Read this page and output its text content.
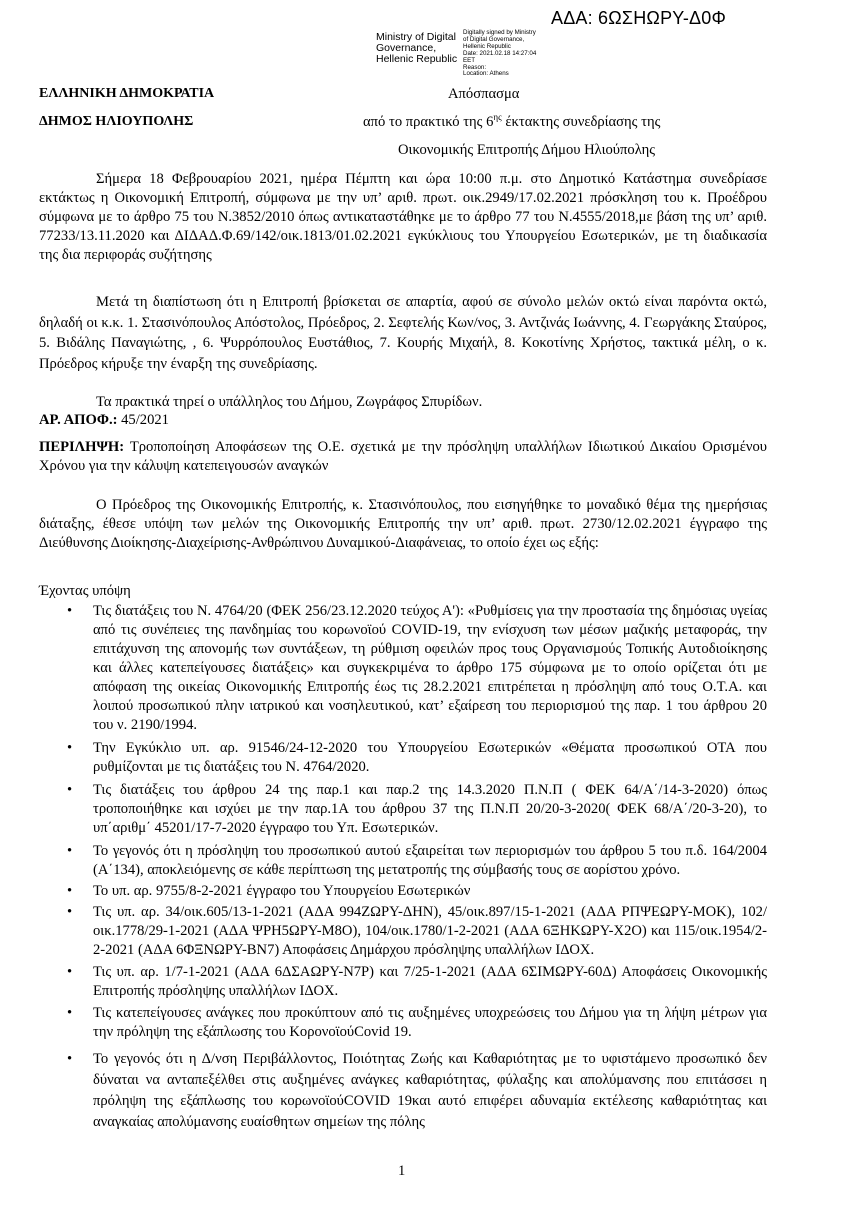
ΑΔΑ: 6ΩΣΗΩΡΥ-Δ0Φ
Ministry of Digital
Governance,
Hellenic Republic
Digitally signed by Ministry
of Digital Governance,
Hellenic Republic
Date: 2021.02.18 14:27:04
EET
Reason:
Location: Athens
ΕΛΛΗΝΙΚΗ ΔΗΜΟΚΡΑΤΙΑ
ΔΗΜΟΣ ΗΛΙΟΥΠΟΛΗΣ
Απόσπασμα
από το πρακτικό της $6^{\eta\varsigma}$ έκτακτης συνεδρίασης της
Οικονομικής Επιτροπής Δήμου Ηλιούπολης

Σήμερα 18 Φεβρουαρίου 2021, ημέρα Πέμπτη και ώρα 10:00 π.μ. στο Δημοτικό Κατάστημα συνεδρίασε εκτάκτως η Οικονομική Επιτροπή, σύμφωνα με την υπ’ αριθ. πρωτ. οικ.2949/17.02.2021 πρόσκληση του κ. Προέδρου σύμφωνα με το άρθρο 75 του Ν.3852/2010 όπως αντικαταστάθηκε με το άρθρο 77 του Ν.4555/2018,με βάση της υπ’ αριθ. 77233/13.11.2020 και ΔΙΔΑΔ.Φ.69/142/οικ.1813/01.02.2021 εγκύκλιους του Υπουργείου Εσωτερικών, με τη διαδικασία της δια περιφοράς συζήτησης

Μετά τη διαπίστωση ότι η Επιτροπή βρίσκεται σε απαρτία, αφού σε σύνολο μελών οκτώ είναι παρόντα οκτώ, δηλαδή οι κ.κ. 1. Στασινόπουλος Απόστολος, Πρόεδρος, 2. Σεφτελής Κων/νος, 3. Αντζινάς Ιωάννης, 4. Γεωργάκης Σταύρος, 5. Βιδάλης Παναγιώτης, , 6. Ψυρρόπουλος Ευστάθιος, 7. Κουρής Μιχαήλ, 8. Κοκοτίνης Χρήστος, τακτικά μέλη, ο κ. Πρόεδρος κήρυξε την έναρξη της συνεδρίασης.

Τα πρακτικά τηρεί ο υπάλληλος του Δήμου, Ζωγράφος Σπυρίδων.
ΑΡ. ΑΠΟΦ.: 45/2021

ΠΕΡΙΛΗΨΗ: Τροποποίηση Αποφάσεων της Ο.Ε. σχετικά με την πρόσληψη υπαλλήλων Ιδιωτικού Δικαίου Ορισμένου Χρόνου για την κάλυψη κατεπειγουσών αναγκών

Ο Πρόεδρος της Οικονομικής Επιτροπής, κ. Στασινόπουλος, που εισηγήθηκε το μοναδικό θέμα της ημερήσιας διάταξης, έθεσε υπόψη των μελών της Οικονομικής Επιτροπής την υπ’ αριθ. πρωτ. 2730/12.02.2021 έγγραφο της Διεύθυνσης Διοίκησης-Διαχείρισης-Ανθρώπινου Δυναμικού-Διαφάνειας, το οποίο έχει ως εξής:

Έχοντας υπόψη
• Τις διατάξεις του Ν. 4764/20 (ΦΕΚ 256/23.12.2020 τεύχος Α'): «Ρυθμίσεις για την προστασία της δημόσιας υγείας από τις συνέπειες της πανδημίας του κορωνοϊού COVID-19, την ενίσχυση των μέσων μαζικής μεταφοράς, την επιτάχυνση της απονομής των συντάξεων, τη ρύθμιση οφειλών προς τους Οργανισμούς Τοπικής Αυτοδιοίκησης και άλλες κατεπείγουσες διατάξεις» και συγκεκριμένα το άρθρο 175 σύμφωνα με το οποίο ορίζεται ότι με απόφαση της οικείας Οικονομικής Επιτροπής έως τις 28.2.2021 επιτρέπεται η πρόσληψη από τους Ο.Τ.Α. και λοιπού προσωπικού πλην ιατρικού και νοσηλευτικού, κατ’ εξαίρεση του περιορισμού της παρ. 1 του άρθρου 20 του ν. 2190/1994.
• Την Εγκύκλιο υπ. αρ. 91546/24-12-2020 του Υπουργείου Εσωτερικών «Θέματα προσωπικού ΟΤΑ που ρυθμίζονται με τις διατάξεις του Ν. 4764/2020.
• Τις διατάξεις του άρθρου 24 της παρ.1 και παρ.2 της 14.3.2020 Π.Ν.Π ( ΦΕΚ 64/Α΄/14-3-2020) όπως τροποποιήθηκε και ισχύει με την παρ.1Α του άρθρου 37 της Π.Ν.Π 20/20-3-2020( ΦΕΚ 68/Α΄/20-3-20), το υπ΄αριθμ΄ 45201/17-7-2020 έγγραφο του Υπ. Εσωτερικών.
• Το γεγονός ότι η πρόσληψη του προσωπικού αυτού εξαιρείται των περιορισμών του άρθρου 5 του π.δ. 164/2004 (Α΄134), αποκλειόμενης σε κάθε περίπτωση της μετατροπής της σύμβασής τους σε αορίστου χρόνο.
• Το υπ. αρ. 9755/8-2-2021 έγγραφο του Υπουργείου Εσωτερικών
• Τις υπ. αρ. 34/οικ.605/13-1-2021 (ΑΔΑ 994ΖΩΡΥ-ΔΗΝ), 45/οικ.897/15-1-2021 (ΑΔΑ ΡΠΨΕΩΡΥ-ΜΟΚ), 102/οικ.1778/29-1-2021 (ΑΔΑ ΨΡΗ5ΩΡΥ-Μ8Ο), 104/οικ.1780/1-2-2021 (ΑΔΑ 6ΞΗΚΩΡΥ-Χ2Ο) και 115/οικ.1954/2-2-2021 (ΑΔΑ 6ΦΞΝΩΡΥ-ΒΝ7) Αποφάσεις Δημάρχου πρόσληψης υπαλλήλων ΙΔΟΧ.
• Τις υπ. αρ. 1/7-1-2021 (ΑΔΑ 6ΔΣΑΩΡΥ-Ν7Ρ) και 7/25-1-2021 (ΑΔΑ 6ΣΙΜΩΡΥ-60Δ) Αποφάσεις Οικονομικής Επιτροπής πρόσληψης υπαλλήλων ΙΔΟΧ.
• Τις κατεπείγουσες ανάγκες που προκύπτουν από τις αυξημένες υποχρεώσεις του Δήμου για τη λήψη μέτρων για την πρόληψη της εξάπλωσης του ΚορονοϊούCovid 19.
• Το γεγονός ότι η Δ/νση Περιβάλλοντος, Ποιότητας Ζωής και Καθαριότητας με το υφιστάμενο προσωπικό δεν δύναται να ανταπεξέλθει στις αυξημένες ανάγκες καθαριότητας, φύλαξης και απολύμανσης που επιτάσσει η πρόληψη της εξάπλωσης του κορωνοϊούCOVID 19και αυτό επιφέρει αδυναμία εκτέλεσης καθαριότητας και αναγκαίας απολύμανσης ευαίσθητων σημείων της πόλης
1
